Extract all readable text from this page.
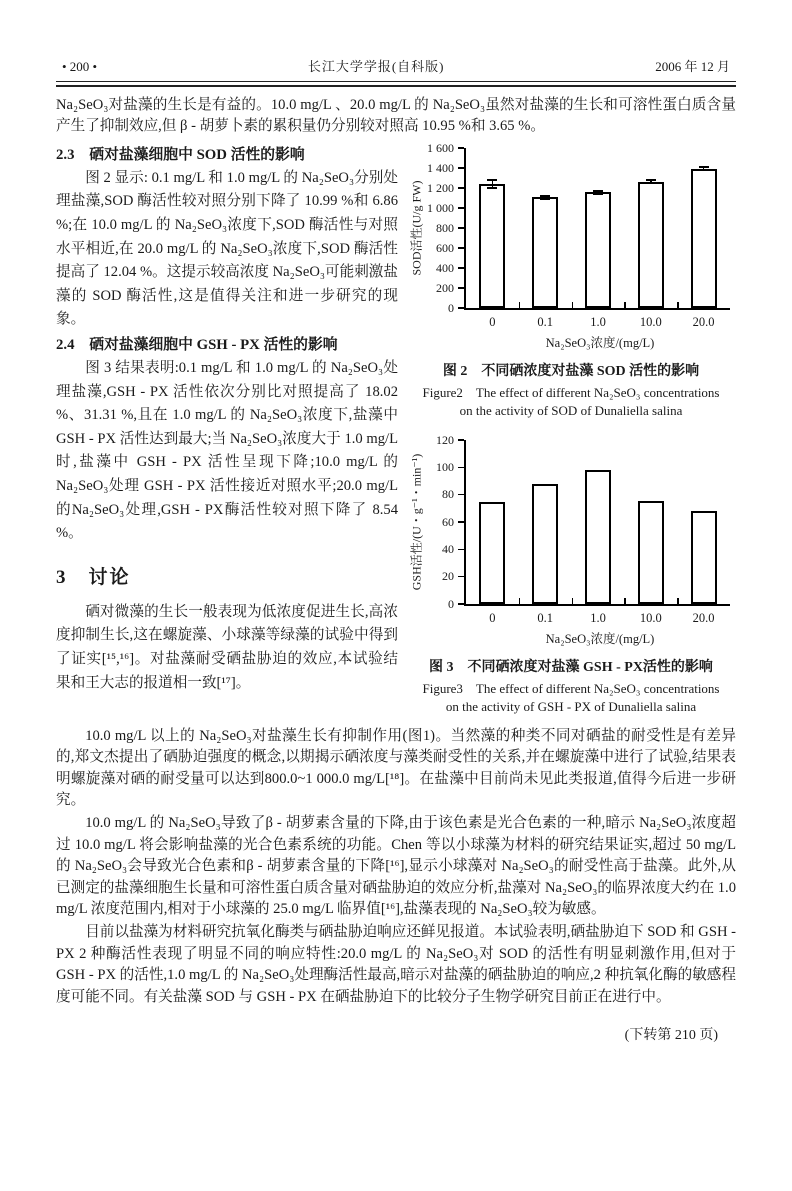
• 200 •	长江大学学报(自科版)	2006 年 12 月
Na₂SeO₃对盐藻的生长是有益的。10.0 mg/L 、20.0 mg/L 的 Na₂SeO₃虽然对盐藻的生长和可溶性蛋白质含量产生了抑制效应,但 β - 胡萝卜素的累积量仍分别较对照高 10.95 %和 3.65 %。
2.3　硒对盐藻细胞中 SOD 活性的影响
图 2 显示: 0.1 mg/L 和 1.0 mg/L 的 Na₂SeO₃分别处理盐藻,SOD 酶活性较对照分别下降了 10.99 %和 6.86 %;在 10.0 mg/L 的 Na₂SeO₃浓度下,SOD 酶活性与对照水平相近,在 20.0 mg/L 的 Na₂SeO₃浓度下,SOD 酶活性提高了 12.04 %。这提示较高浓度 Na₂SeO₃可能刺激盐藻的 SOD 酶活性,这是值得关注和进一步研究的现象。
2.4　硒对盐藻细胞中 GSH - PX 活性的影响
图 3 结果表明:0.1 mg/L 和 1.0 mg/L 的 Na₂SeO₃处理盐藻,GSH - PX 活性依次分别比对照提高了 18.02 %、31.31 %,且在 1.0 mg/L 的 Na₂SeO₃浓度下,盐藻中 GSH - PX 活性达到最大;当 Na₂SeO₃浓度大于 1.0 mg/L 时,盐藻中 GSH - PX 活性呈现下降;10.0 mg/L 的 Na₂SeO₃处理 GSH - PX 活性接近对照水平;20.0 mg/L 的Na₂SeO₃处理,GSH - PX酶活性较对照下降了 8.54 %。
3　讨论
硒对微藻的生长一般表现为低浓度促进生长,高浓度抑制生长,这在螺旋藻、小球藻等绿藻的试验中得到了证实[¹⁵,¹⁶]。对盐藻耐受硒盐胁迫的效应,本试验结果和王大志的报道相一致[¹⁷]。
0
200
400
600
800
1 000
1 200
1 400
1 600
0	0.1	1.0	10.0	20.0
Na₂SeO₃浓度/(mg/L)
SOD活性(U/g FW)
图 2　不同硒浓度对盐藻 SOD 活性的影响
Figure2　The effect of different Na₂SeO₃ concentrations
on the activity of SOD of Dunaliella salina
0
20
40
60
80
100
120
0	0.1	1.0	10.0	20.0
Na₂SeO₃浓度/(mg/L)
GSH活性/(U・g⁻¹・min⁻¹)
图 3　不同硒浓度对盐藻 GSH - PX活性的影响
Figure3　The effect of different Na₂SeO₃ concentrations
on the activity of GSH - PX of Dunaliella salina
10.0 mg/L 以上的 Na₂SeO₃对盐藻生长有抑制作用(图1)。当然藻的种类不同对硒盐的耐受性是有差异的,郑文杰提出了硒胁迫强度的概念,以期揭示硒浓度与藻类耐受性的关系,并在螺旋藻中进行了试验,结果表明螺旋藻对硒的耐受量可以达到800.0~1 000.0 mg/L[¹⁸]。在盐藻中目前尚未见此类报道,值得今后进一步研究。
10.0 mg/L 的 Na₂SeO₃导致了β - 胡萝素含量的下降,由于该色素是光合色素的一种,暗示 Na₂SeO₃浓度超过 10.0 mg/L 将会影响盐藻的光合色素系统的功能。Chen 等以小球藻为材料的研究结果证实,超过 50 mg/L 的 Na₂SeO₃会导致光合色素和β - 胡萝素含量的下降[¹⁶],显示小球藻对 Na₂SeO₃的耐受性高于盐藻。此外,从已测定的盐藻细胞生长量和可溶性蛋白质含量对硒盐胁迫的效应分析,盐藻对 Na₂SeO₃的临界浓度大约在 1.0 mg/L 浓度范围内,相对于小球藻的 25.0 mg/L 临界值[¹⁶],盐藻表现的 Na₂SeO₃较为敏感。
目前以盐藻为材料研究抗氧化酶类与硒盐胁迫响应还鲜见报道。本试验表明,硒盐胁迫下 SOD 和 GSH - PX 2 种酶活性表现了明显不同的响应特性:20.0 mg/L 的 Na₂SeO₃对 SOD 的活性有明显刺激作用,但对于 GSH - PX 的活性,1.0 mg/L 的 Na₂SeO₃处理酶活性最高,暗示对盐藻的硒盐胁迫的响应,2 种抗氧化酶的敏感程度可能不同。有关盐藻 SOD 与 GSH - PX 在硒盐胁迫下的比较分子生物学研究目前正在进行中。
(下转第 210 页)
